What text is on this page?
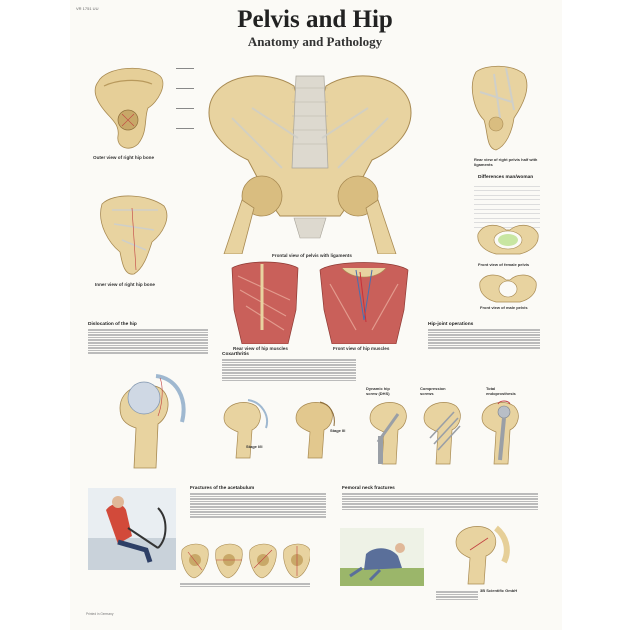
VR 1751 UU	Pelvis and Hip
Anatomy and Pathology
Outer view of right hip bone
Frontal view of pelvis with ligaments
Rear view of right pelvis half with ligaments
Differences man/woman
Front view of female pelvis
Front view of male pelvis
Inner view of right hip bone
Rear view of hip muscles	Front view of hip muscles
Dislocation of the hip
Coxarthritis
Stage I/II
Stage III
Hip-joint operations
Dynamic hip screw (DHS)
Compression screws
Total endoprosthesis
Fractures of the acetabulum	Femoral neck fractures
3B Scientific GmbH
Printed in Germany
